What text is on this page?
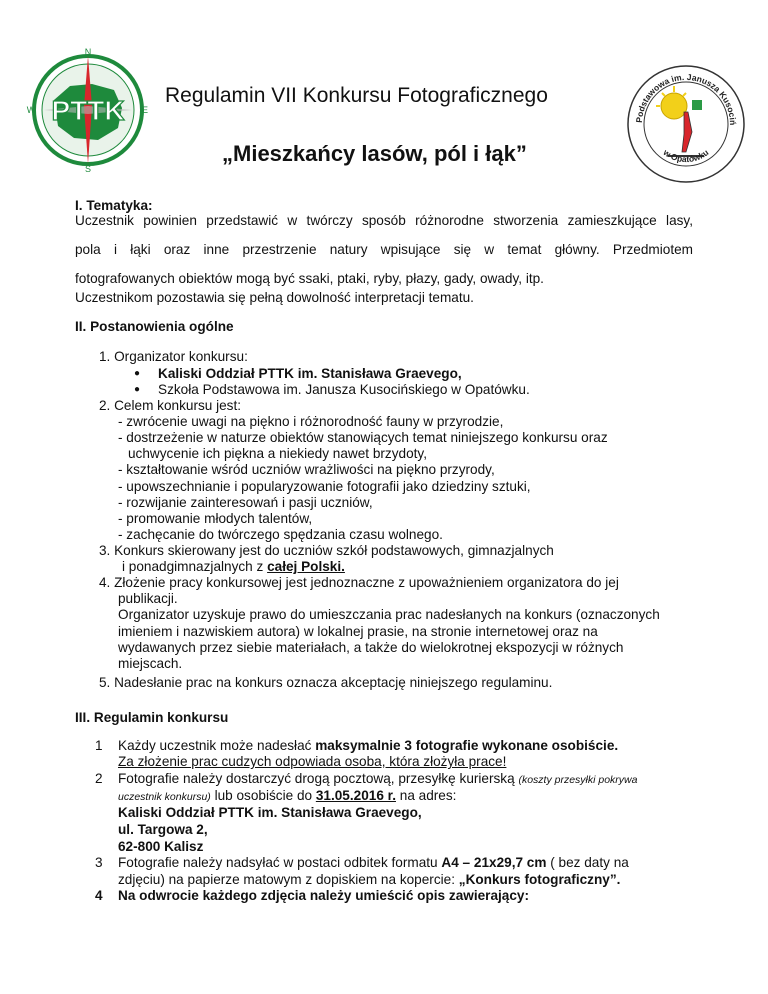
N
E
S
W PTTK	Podstawowa im. Janusza Kusociń
w Opatówku
Regulamin VII Konkursu Fotograficznego
„Mieszkańcy lasów, pól i łąk”
I. Tematyka:
Uczestnik powinien przedstawić w twórczy sposób różnorodne stworzenia zamieszkujące lasy,
pola i łąki oraz inne przestrzenie natury wpisujące się w temat główny. Przedmiotem
fotografowanych obiektów mogą być ssaki, ptaki, ryby, płazy, gady, owady, itp.
Uczestnikom pozostawia się pełną dowolność interpretacji tematu.
II. Postanowienia ogólne
1. Organizator konkursu:
● Kaliski Oddział PTTK im. Stanisława Graevego,
● Szkoła Podstawowa im. Janusza Kusocińskiego w Opatówku.
2. Celem konkursu jest:
- zwrócenie uwagi na piękno i różnorodność fauny w przyrodzie,
- dostrzeżenie w naturze obiektów stanowiących temat niniejszego konkursu oraz
uchwycenie ich piękna a niekiedy nawet brzydoty,
- kształtowanie wśród uczniów wrażliwości na piękno przyrody,
- upowszechnianie i popularyzowanie fotografii jako dziedziny sztuki,
- rozwijanie zainteresowań i pasji uczniów,
- promowanie młodych talentów,
- zachęcanie do twórczego spędzania czasu wolnego.
3. Konkurs skierowany jest do uczniów szkół podstawowych, gimnazjalnych
i ponadgimnazjalnych z całej Polski.
4. Złożenie pracy konkursowej jest jednoznaczne z upoważnieniem organizatora do jej
publikacji.
Organizator uzyskuje prawo do umieszczania prac nadesłanych na konkurs (oznaczonych
imieniem i nazwiskiem autora) w lokalnej prasie, na stronie internetowej oraz na
wydawanych przez siebie materiałach, a także do wielokrotnej ekspozycji w różnych
miejscach.
5. Nadesłanie prac na konkurs oznacza akceptację niniejszego regulaminu.
III. Regulamin konkursu
1 Każdy uczestnik może nadesłać maksymalnie 3 fotografie wykonane osobiście.
Za złożenie prac cudzych odpowiada osoba, która złożyła prace!
2 Fotografie należy dostarczyć drogą pocztową, przesyłkę kurierską (koszty przesyłki pokrywa
uczestnik konkursu) lub osobiście do 31.05.2016 r. na adres:
Kaliski Oddział PTTK im. Stanisława Graevego,
ul. Targowa 2,
62-800 Kalisz
3 Fotografie należy nadsyłać w postaci odbitek formatu A4 – 21x29,7 cm ( bez daty na
zdjęciu) na papierze matowym z dopiskiem na kopercie: „Konkurs fotograficzny”.
4 Na odwrocie każdego zdjęcia należy umieścić opis zawierający:
